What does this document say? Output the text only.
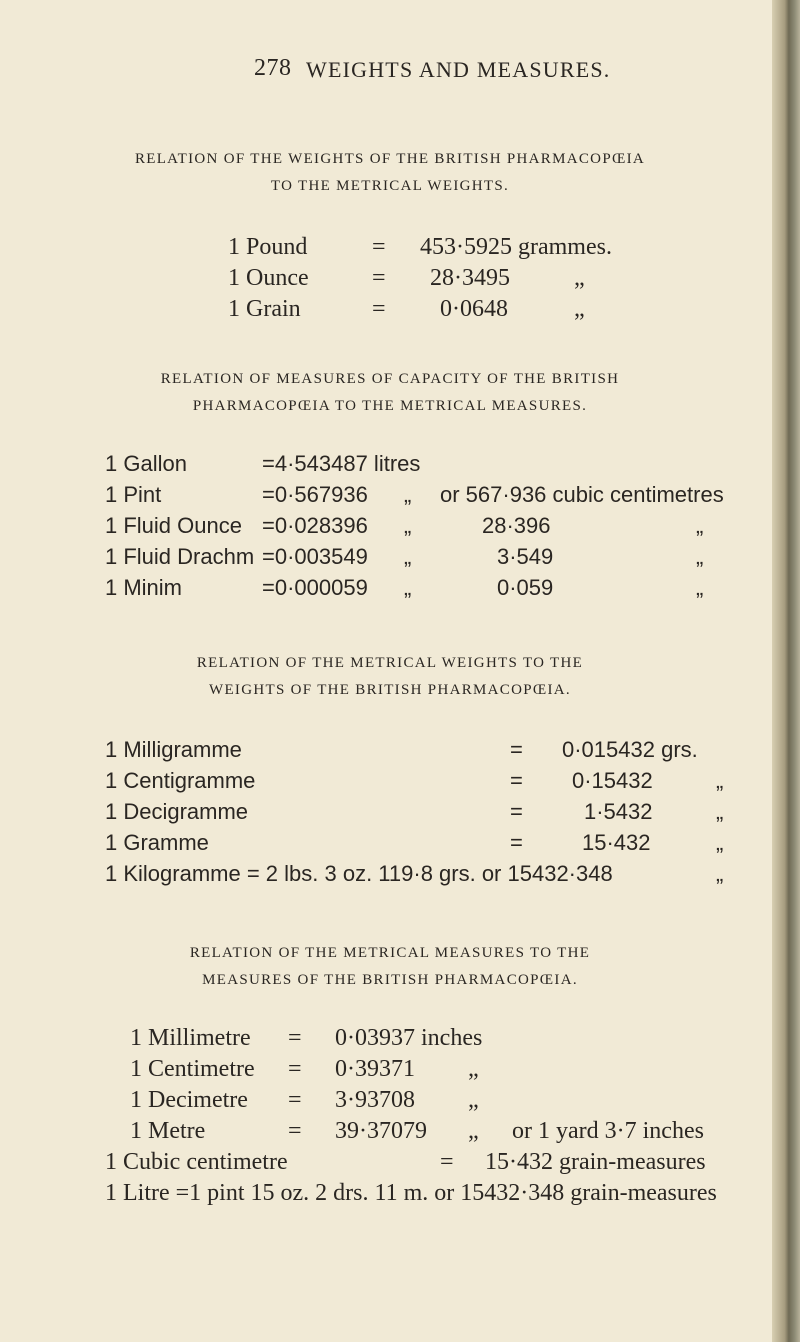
278 WEIGHTS AND MEASURES.
RELATION OF THE WEIGHTS OF THE BRITISH PHARMACOPŒIA
TO THE METRICAL WEIGHTS.
1 Pound	= 453·5925 grammes.
1 Ounce	= 28·3495	„
1 Grain	= 0·0648	„
RELATION OF MEASURES OF CAPACITY OF THE BRITISH
PHARMACOPŒIA TO THE METRICAL MEASURES.
1 Gallon	=4·543487 litres
1 Pint	=0·567936 „ or 567·936 cubic centimetres
1 Fluid Ounce =0·028396 „	28·396	„
1 Fluid Drachm =0·003549 „	3·549	„
1 Minim	=0·000059 „	0·059	„
RELATION OF THE METRICAL WEIGHTS TO THE
WEIGHTS OF THE BRITISH PHARMACOPŒIA.
1 Milligramme	= 0·015432 grs.
1 Centigramme	= 0·15432	„
1 Decigramme	=	1·5432	„
1 Gramme	=	15·432	„
1 Kilogramme = 2 lbs. 3 oz. 119·8 grs. or 15432·348	„
RELATION OF THE METRICAL MEASURES TO THE
MEASURES OF THE BRITISH PHARMACOPŒIA.
1 Millimetre = 0·03937 inches
1 Centimetre = 0·39371 „
1 Decimetre = 3·93708 „
1 Metre	= 39·37079 „ or 1 yard 3·7 inches
1 Cubic centimetre	= 15·432 grain-measures
1 Litre =1 pint 15 oz. 2 drs. 11 m. or 15432·348 grain-measures
